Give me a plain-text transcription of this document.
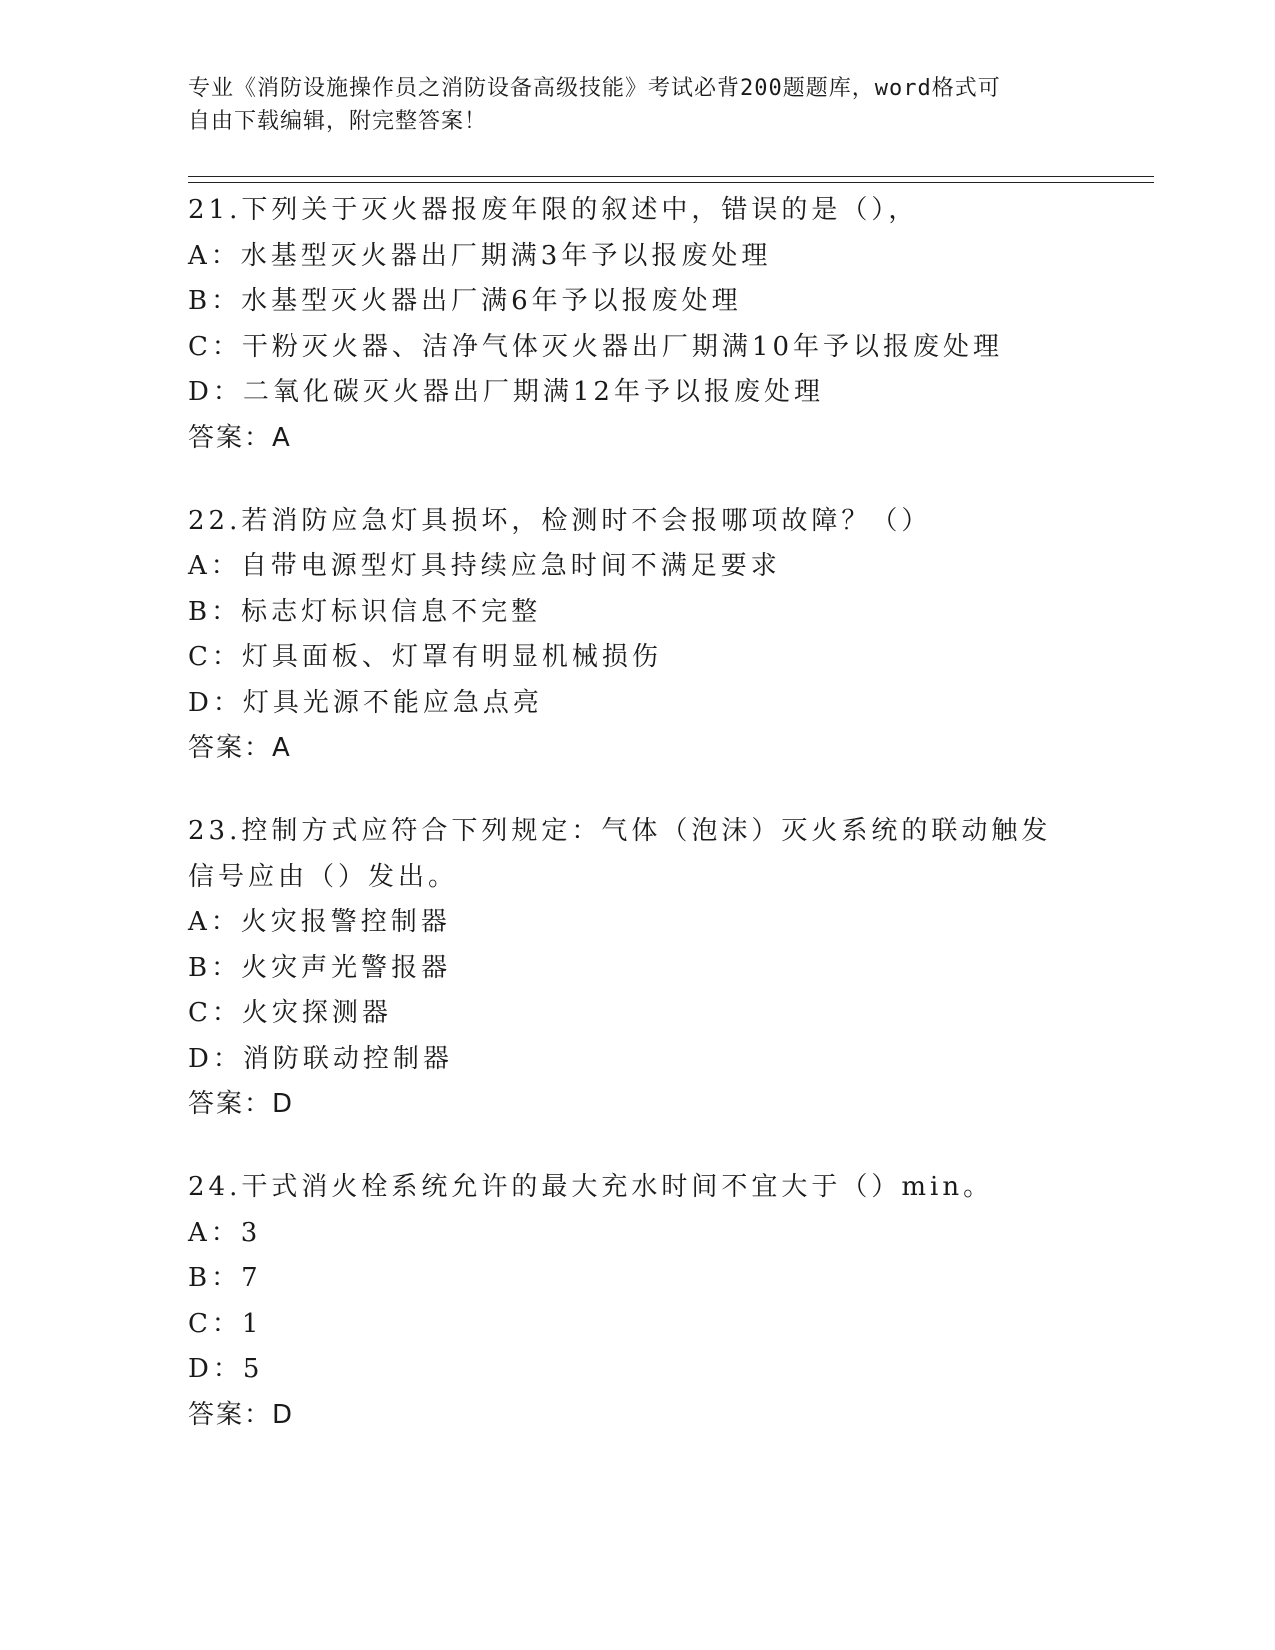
专业《消防设施操作员之消防设备高级技能》考试必背200题题库，word格式可
自由下载编辑，附完整答案！
21.下列关于灭火器报废年限的叙述中，错误的是（），
A：水基型灭火器出厂期满3年予以报废处理
B：水基型灭火器出厂满6年予以报废处理
C：干粉灭火器、洁净气体灭火器出厂期满10年予以报废处理
D：二氧化碳灭火器出厂期满12年予以报废处理
答案：A
22.若消防应急灯具损坏，检测时不会报哪项故障？（）
A：自带电源型灯具持续应急时间不满足要求
B：标志灯标识信息不完整
C：灯具面板、灯罩有明显机械损伤
D：灯具光源不能应急点亮
答案：A
23.控制方式应符合下列规定：气体（泡沫）灭火系统的联动触发信号应由（）发出。
A：火灾报警控制器
B：火灾声光警报器
C：火灾探测器
D：消防联动控制器
答案：D
24.干式消火栓系统允许的最大充水时间不宜大于（）min。
A：3
B：7
C：1
D：5
答案：D
